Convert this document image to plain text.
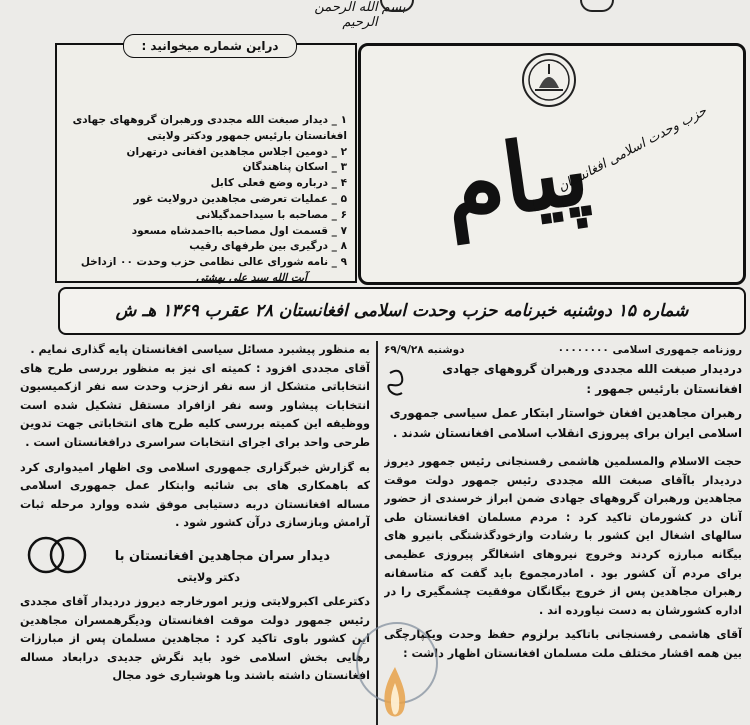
بسم الله الرحمن الرحیم
دراین شماره میخوانید :
۱ _ دیدار صبغت الله مجددی ورهبران گروههای جهادی
افغانستان بارئیس جمهور ودکتر ولایتی
۲ _ دومین اجلاس مجاهدین افغانی درتهران
۳ _ اسکان پناهندگان
۴ _ درباره وضع فعلی کابل
۵ _ عملیات تعرضی مجاهدین درولایت غور
۶ _ مصاحبه با سیداحمدگیلانی
۷ _ قسمت اول مصاحبه بااحمدشاه مسعود
۸ _ درگیری بین طرفهای رقیب
۹ _ نامه شورای عالی نظامی حزب وحدت ۰۰ ازداخل
آیت الله سید علی بهشتی
پیام
حزب وحدت اسلامی افغانستان
شماره ۱۵ دوشنبه خبرنامه حزب وحدت اسلامی افغانستان ۲۸ عقرب ۱۳۶۹ هـ ش
روزنامه جمهوری اسلامی ۰۰۰۰۰۰۰۰
دوشنبه ۶۹/۹/۲۸

دردیدار صبغت الله مجددی ورهبران گروههای جهادی افغانستان بارئیس جمهور :

رهبران مجاهدین افغان خواستار ابتکار عمل سیاسی جمهوری اسلامی ایران برای پیروزی انقلاب اسلامی افغانستان شدند .

حجت الاسلام والمسلمین هاشمی رفسنجانی رئیس جمهور دیروز دردیدار باآقای صبغت الله مجددی رئیس جمهور دولت موقت مجاهدین ورهبران گروههای جهادی ضمن ابراز خرسندی از حضور آنان در کشورمان تاکید کرد : مردم مسلمان افغانستان طی سالهای اشغال این کشور با رشادت وازخودگذشتگی بانیرو های بیگانه مبارزه کردند وخروج نیروهای اشغالگر پیروزی عظیمی برای مردم آن کشور بود . امادرمجموع باید گفت که متاسفانه رهبران مجاهدین پس از خروج بیگانگان موفقیت چشمگیری را در اداره کشورشان به دست نیاورده اند .

آقای هاشمی رفسنجانی باتاکید برلزوم حفظ وحدت ویکپارچگی بین همه اقشار مختلف ملت مسلمان افغانستان اظهار داشت :

به منظور پیشبرد مسائل سیاسی افغانستان پایه گذاری نمایم .

آقای مجددی افزود : کمیته ای نیز به منظور بررسی طرح های انتخاباتی متشکل از سه نفر ازحزب وحدت سه نفر ازکمیسیون انتخابات پیشاور وسه نفر ازافراد مستقل تشکیل شده است ووظیفه این کمیته بررسی کلیه طرح های انتخاباتی جهت تدوین طرحی واحد برای اجرای انتخابات سراسری درافغانستان است .

به گزارش خبرگزاری جمهوری اسلامی وی اظهار امیدواری کرد که باهمکاری های بی شائبه وابتکار عمل جمهوری اسلامی مساله افغانستان دربه دستیابی موفق شده ووارد مرحله ثبات آرامش وبازسازی درآن کشور شود .

دیدار سران مجاهدین افغانستان با
دکتر ولایتی

دکترعلی اکبرولایتی وزیر امورخارجه دیروز دردیدار آقای مجددی رئیس جمهور دولت موقت افغانستان ودیگرهمسران مجاهدین این کشور باوی تاکید کرد : مجاهدین مسلمان پس از مبارزات رهایی بخش اسلامی خود باید نگرش جدیدی درابعاد مساله افغانستان داشته باشند وبا هوشیاری خود مجال
